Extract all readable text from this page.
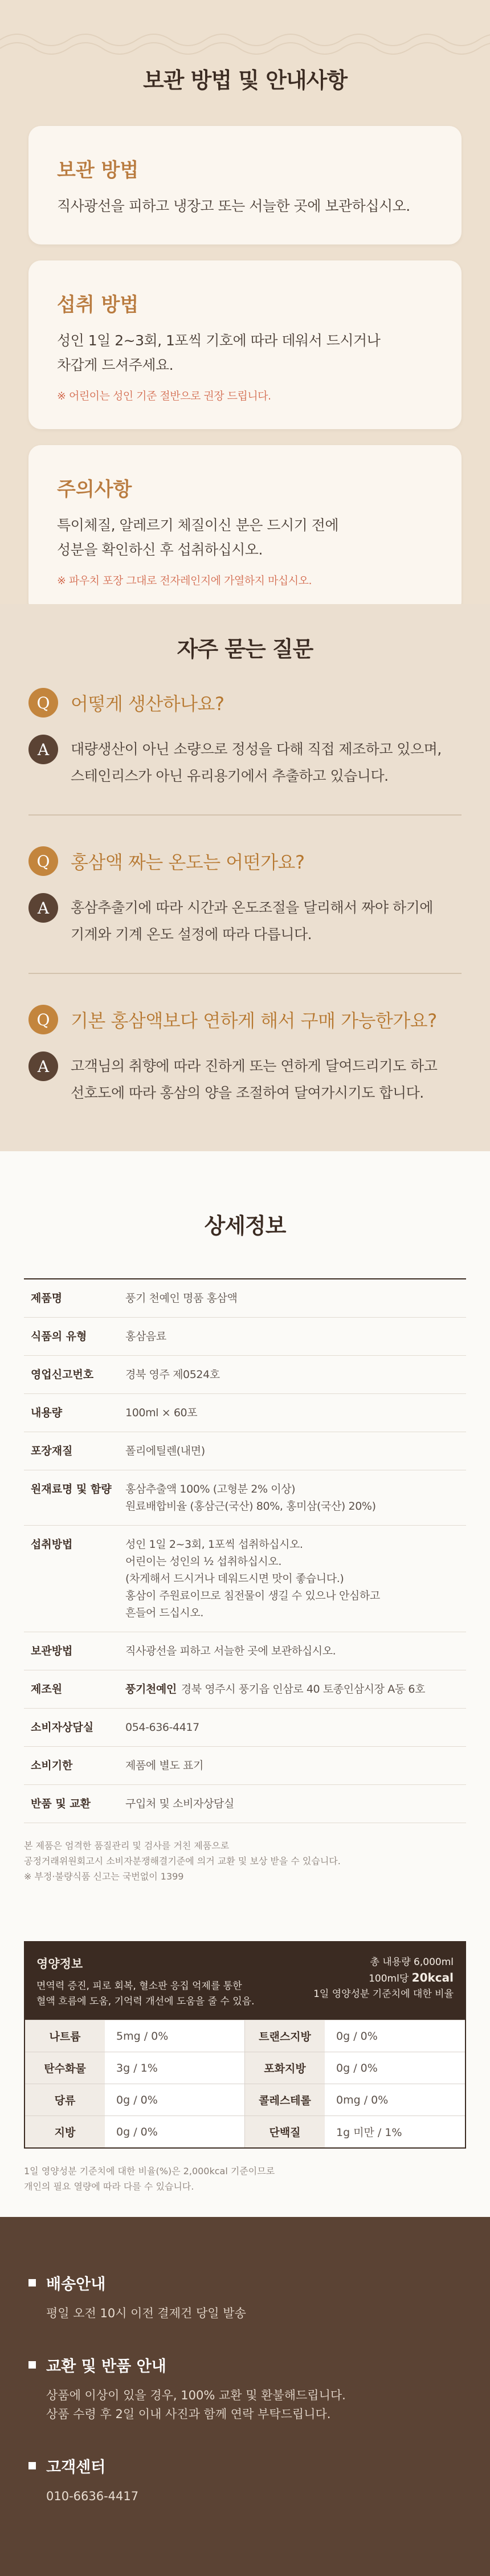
보관 방법 및 안내사항
보관 방법
직사광선을 피하고 냉장고 또는 서늘한 곳에 보관하십시오.
섭취 방법
성인 1일 2~3회, 1포씩 기호에 따라 데워서 드시거나
차갑게 드셔주세요.
※ 어린이는 성인 기준 절반으로 권장 드립니다.
주의사항
특이체질, 알레르기 체질이신 분은 드시기 전에
성분을 확인하신 후 섭취하십시오.
※ 파우치 포장 그대로 전자레인지에 가열하지 마십시오.
자주 묻는 질문
Q	어떻게 생산하나요?
A	대량생산이 아닌 소량으로 정성을 다해 직접 제조하고 있으며,
스테인리스가 아닌 유리용기에서 추출하고 있습니다.
Q	홍삼액 짜는 온도는 어떤가요?
A	홍삼추출기에 따라 시간과 온도조절을 달리해서 짜야 하기에
기계와 기계 온도 설정에 따라 다릅니다.
Q	기본 홍삼액보다 연하게 해서 구매 가능한가요?
A	고객님의 취향에 따라 진하게 또는 연하게 달여드리기도 하고
선호도에 따라 홍삼의 양을 조절하여 달여가시기도 합니다.
상세정보
제품명	풍기 천예인 명품 홍삼액
식품의 유형	홍삼음료
영업신고번호	경북 영주 제0524호
내용량	100ml × 60포
포장재질	폴리에틸렌(내면)
원재료명 및 함량	홍삼추출액 100% (고형분 2% 이상)
원료배합비율 (홍삼근(국산) 80%, 홍미삼(국산) 20%)
섭취방법	성인 1일 2~3회, 1포씩 섭취하십시오.
어린이는 성인의 ½ 섭취하십시오.
(차게해서 드시거나 데워드시면 맛이 좋습니다.)
홍삼이 주원료이므로 침전물이 생길 수 있으나 안심하고
흔들어 드십시오.
보관방법	직사광선을 피하고 서늘한 곳에 보관하십시오.
제조원	풍기천예인 경북 영주시 풍기읍 인삼로 40 토종인삼시장 A동 6호
소비자상담실	054-636-4417
소비기한	제품에 별도 표기
반품 및 교환	구입처 및 소비자상담실

본 제품은 엄격한 품질관리 및 검사를 거친 제품으로
공정거래위원회고시 소비자분쟁해결기준에 의거 교환 및 보상 받을 수 있습니다.
※ 부정·불량식품 신고는 국번없이 1399

영양정보
면역력 증진, 피로 회복, 혈소판 응집 억제를 통한
혈액 흐름에 도움, 기억력 개선에 도움을 줄 수 있음.
총 내용량 6,000ml
100ml당 20kcal
1일 영양성분 기준치에 대한 비율
나트륨	5mg / 0%	트랜스지방	0g / 0%
탄수화물	3g / 1%	포화지방	0g / 0%
당류	0g / 0%	콜레스테롤	0mg / 0%
지방	0g / 0%	단백질	1g 미만 / 1%

1일 영양성분 기준치에 대한 비율(%)은 2,000kcal 기준이므로
개인의 필요 열량에 따라 다를 수 있습니다.

배송안내
평일 오전 10시 이전 결제건 당일 발송
교환 및 반품 안내
상품에 이상이 있을 경우, 100% 교환 및 환불해드립니다.
상품 수령 후 2일 이내 사진과 함께 연락 부탁드립니다.
고객센터
010-6636-4417
